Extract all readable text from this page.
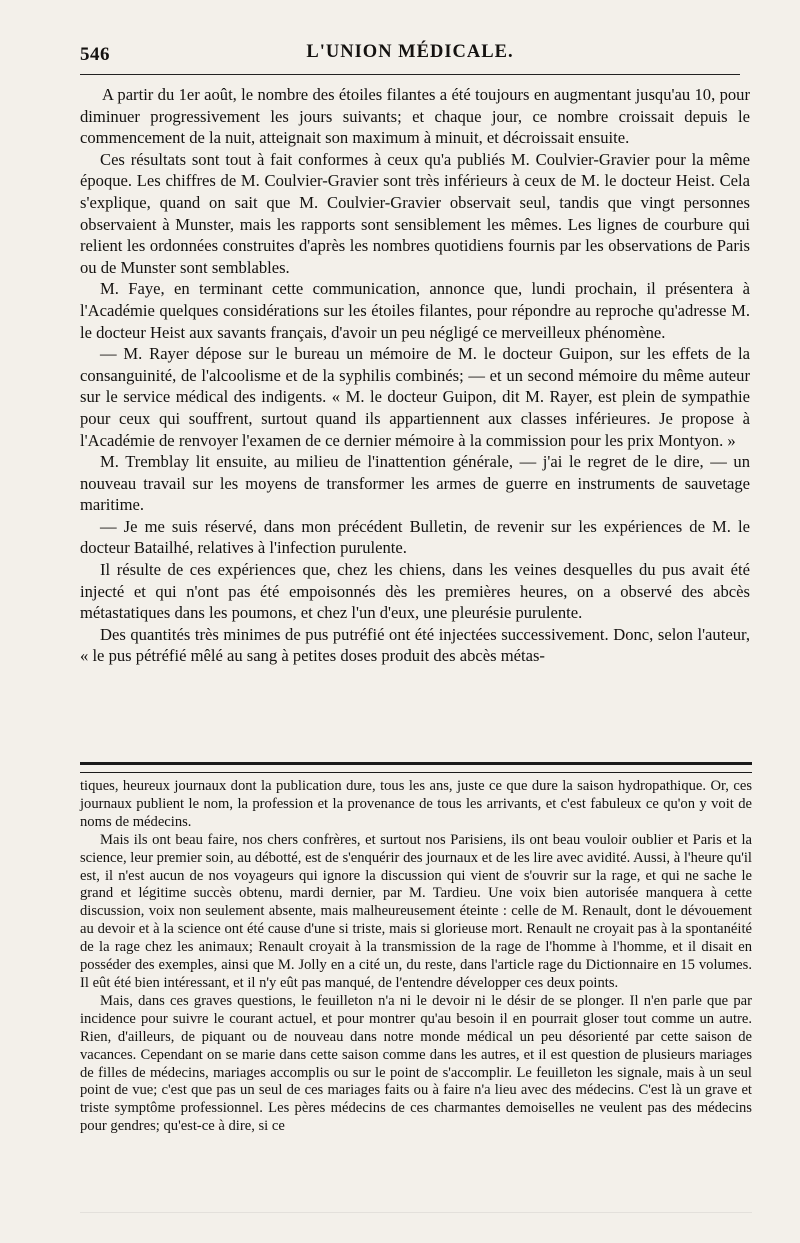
546	L'UNION MÉDICALE.

A partir du 1er août, le nombre des étoiles filantes a été toujours en augmentant jusqu'au 10, pour diminuer progressivement les jours suivants; et chaque jour, ce nombre croissait depuis le commencement de la nuit, atteignait son maximum à minuit, et décroissait ensuite.

Ces résultats sont tout à fait conformes à ceux qu'a publiés M. Coulvier-Gravier pour la même époque. Les chiffres de M. Coulvier-Gravier sont très inférieurs à ceux de M. le docteur Heist. Cela s'explique, quand on sait que M. Coulvier-Gravier observait seul, tandis que vingt personnes observaient à Munster, mais les rapports sont sensiblement les mêmes. Les lignes de courbure qui relient les ordonnées construites d'après les nombres quotidiens fournis par les observations de Paris ou de Munster sont semblables.

M. Faye, en terminant cette communication, annonce que, lundi prochain, il présentera à l'Académie quelques considérations sur les étoiles filantes, pour répondre au reproche qu'adresse M. le docteur Heist aux savants français, d'avoir un peu négligé ce merveilleux phénomène.

— M. Rayer dépose sur le bureau un mémoire de M. le docteur Guipon, sur les effets de la consanguinité, de l'alcoolisme et de la syphilis combinés; — et un second mémoire du même auteur sur le service médical des indigents. « M. le docteur Guipon, dit M. Rayer, est plein de sympathie pour ceux qui souffrent, surtout quand ils appartiennent aux classes inférieures. Je propose à l'Académie de renvoyer l'examen de ce dernier mémoire à la commission pour les prix Montyon. »

M. Tremblay lit ensuite, au milieu de l'inattention générale, — j'ai le regret de le dire, — un nouveau travail sur les moyens de transformer les armes de guerre en instruments de sauvetage maritime.

— Je me suis réservé, dans mon précédent Bulletin, de revenir sur les expériences de M. le docteur Batailhé, relatives à l'infection purulente.

Il résulte de ces expériences que, chez les chiens, dans les veines desquelles du pus avait été injecté et qui n'ont pas été empoisonnés dès les premières heures, on a observé des abcès métastatiques dans les poumons, et chez l'un d'eux, une pleurésie purulente.

Des quantités très minimes de pus putréfié ont été injectées successivement. Donc, selon l'auteur, « le pus pétréfié mêlé au sang à petites doses produit des abcès métas-

tiques, heureux journaux dont la publication dure, tous les ans, juste ce que dure la saison hydropathique. Or, ces journaux publient le nom, la profession et la provenance de tous les arrivants, et c'est fabuleux ce qu'on y voit de noms de médecins.

Mais ils ont beau faire, nos chers confrères, et surtout nos Parisiens, ils ont beau vouloir oublier et Paris et la science, leur premier soin, au débotté, est de s'enquérir des journaux et de les lire avec avidité. Aussi, à l'heure qu'il est, il n'est aucun de nos voyageurs qui ignore la discussion qui vient de s'ouvrir sur la rage, et qui ne sache le grand et légitime succès obtenu, mardi dernier, par M. Tardieu. Une voix bien autorisée manquera à cette discussion, voix non seulement absente, mais malheureusement éteinte : celle de M. Renault, dont le dévouement au devoir et à la science ont été cause d'une si triste, mais si glorieuse mort. Renault ne croyait pas à la spontanéité de la rage chez les animaux; Renault croyait à la transmission de la rage de l'homme à l'homme, et il disait en posséder des exemples, ainsi que M. Jolly en a cité un, du reste, dans l'article rage du Dictionnaire en 15 volumes. Il eût été bien intéressant, et il n'y eût pas manqué, de l'entendre développer ces deux points.

Mais, dans ces graves questions, le feuilleton n'a ni le devoir ni le désir de se plonger. Il n'en parle que par incidence pour suivre le courant actuel, et pour montrer qu'au besoin il en pourrait gloser tout comme un autre. Rien, d'ailleurs, de piquant ou de nouveau dans notre monde médical un peu désorienté par cette saison de vacances. Cependant on se marie dans cette saison comme dans les autres, et il est question de plusieurs mariages de filles de médecins, mariages accomplis ou sur le point de s'accomplir. Le feuilleton les signale, mais à un seul point de vue; c'est que pas un seul de ces mariages faits ou à faire n'a lieu avec des médecins. C'est là un grave et triste symptôme professionnel. Les pères médecins de ces charmantes demoiselles ne veulent pas des médecins pour gendres; qu'est-ce à dire, si ce
